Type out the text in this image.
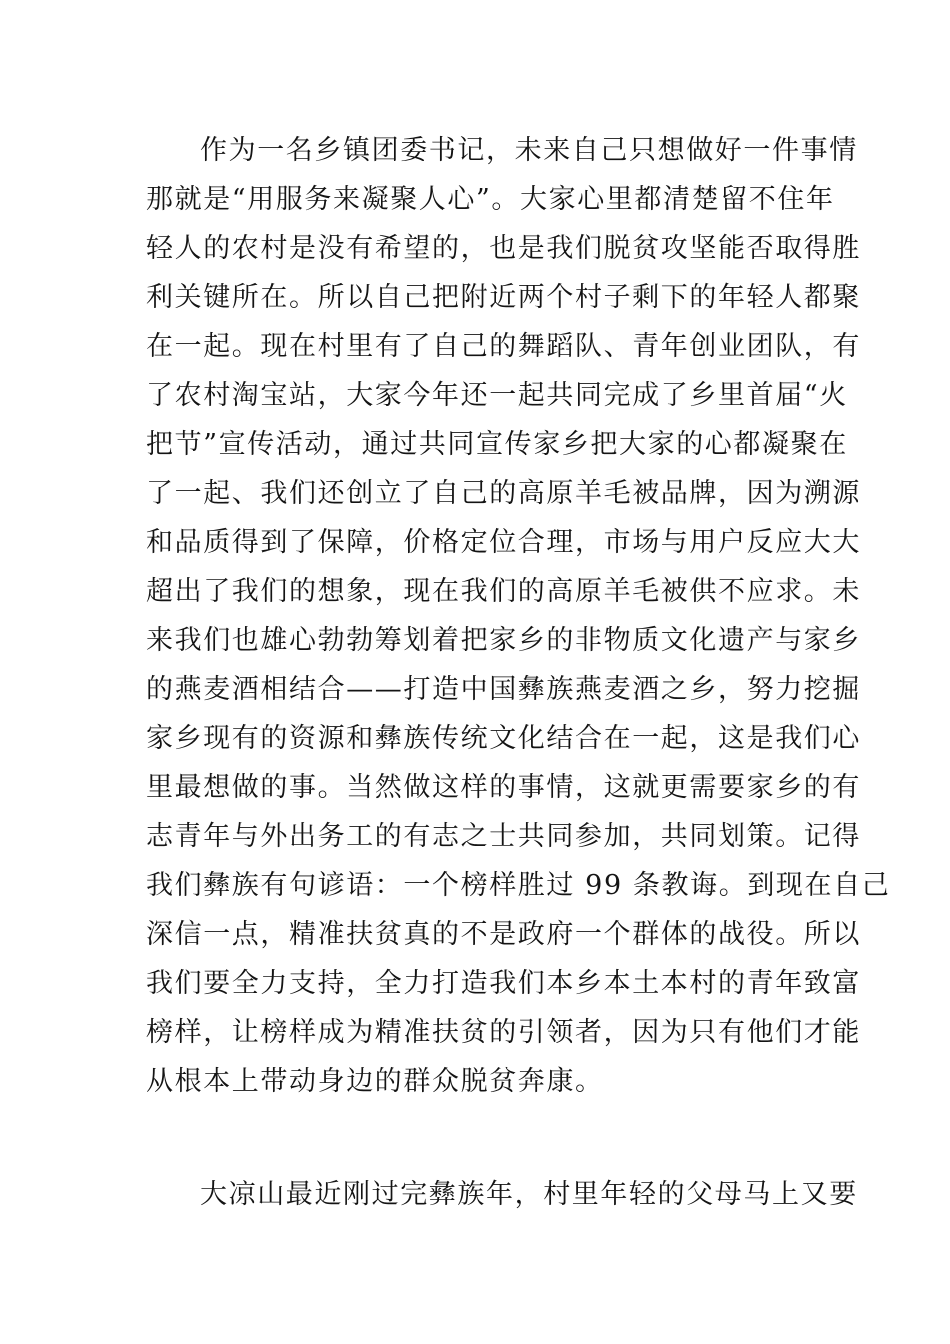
作为一名乡镇团委书记，未来自己只想做好一件事情
那就是“用服务来凝聚人心”。大家心里都清楚留不住年
轻人的农村是没有希望的，也是我们脱贫攻坚能否取得胜
利关键所在。所以自己把附近两个村子剩下的年轻人都聚
在一起。现在村里有了自己的舞蹈队、青年创业团队，有
了农村淘宝站，大家今年还一起共同完成了乡里首届“火
把节”宣传活动，通过共同宣传家乡把大家的心都凝聚在
了一起、我们还创立了自己的高原羊毛被品牌，因为溯源
和品质得到了保障，价格定位合理，市场与用户反应大大
超出了我们的想象，现在我们的高原羊毛被供不应求。未
来我们也雄心勃勃筹划着把家乡的非物质文化遗产与家乡
的燕麦酒相结合——打造中国彝族燕麦酒之乡，努力挖掘
家乡现有的资源和彝族传统文化结合在一起，这是我们心
里最想做的事。当然做这样的事情，这就更需要家乡的有
志青年与外出务工的有志之士共同参加，共同划策。记得
我们彝族有句谚语：一个榜样胜过 99 条教诲。到现在自己
深信一点，精准扶贫真的不是政府一个群体的战役。所以
我们要全力支持，全力打造我们本乡本土本村的青年致富
榜样，让榜样成为精准扶贫的引领者，因为只有他们才能
从根本上带动身边的群众脱贫奔康。
大凉山最近刚过完彝族年，村里年轻的父母马上又要
